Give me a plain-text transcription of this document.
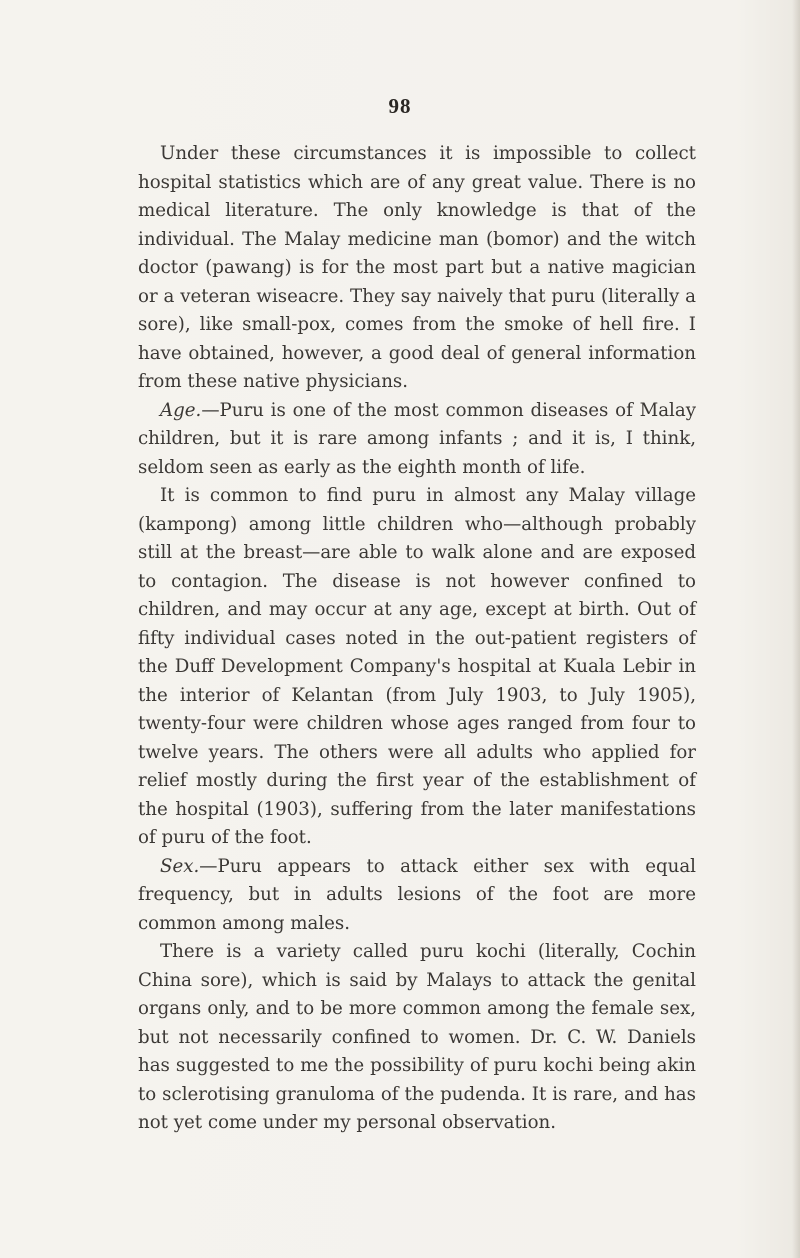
98

Under these circumstances it is impossible to collect hospital statistics which are of any great value. There is no medical literature. The only knowledge is that of the individual. The Malay medicine man (bomor) and the witch doctor (pawang) is for the most part but a native magician or a veteran wiseacre. They say naively that puru (literally a sore), like small-pox, comes from the smoke of hell fire. I have obtained, however, a good deal of general information from these native physicians.

Age.—Puru is one of the most common diseases of Malay children, but it is rare among infants ; and it is, I think, seldom seen as early as the eighth month of life.

It is common to find puru in almost any Malay village (kampong) among little children who—although probably still at the breast—are able to walk alone and are exposed to contagion. The disease is not however confined to children, and may occur at any age, except at birth. Out of fifty individual cases noted in the out-patient registers of the Duff Development Company's hospital at Kuala Lebir in the interior of Kelantan (from July 1903, to July 1905), twenty-four were children whose ages ranged from four to twelve years. The others were all adults who applied for relief mostly during the first year of the establishment of the hospital (1903), suffering from the later manifestations of puru of the foot.

Sex.—Puru appears to attack either sex with equal frequency, but in adults lesions of the foot are more common among males.

There is a variety called puru kochi (literally, Cochin China sore), which is said by Malays to attack the genital organs only, and to be more common among the female sex, but not necessarily confined to women. Dr. C. W. Daniels has suggested to me the possibility of puru kochi being akin to sclerotising granuloma of the pudenda. It is rare, and has not yet come under my personal observation.
